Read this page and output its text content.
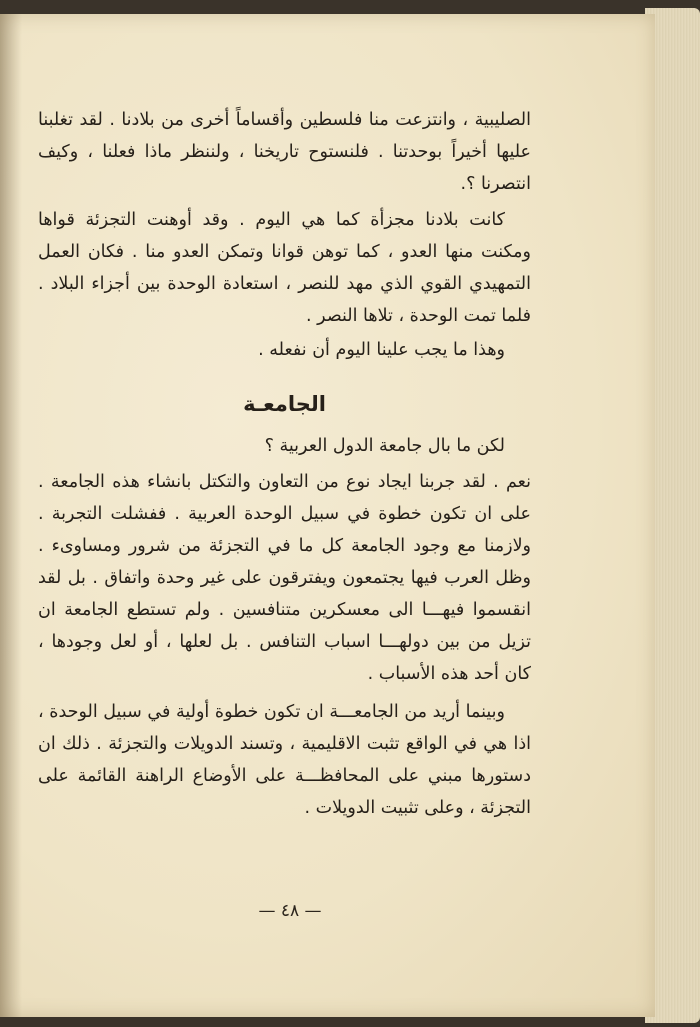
الصليبية ، وانتزعت منا فلسطين وأقساماً أخرى من بلادنا . لقد تغلبنا عليها أخيراً بوحدتنا . فلنستوح تاريخنا ، ولننظر ماذا فعلنا ، وكيف انتصرنا ؟.

كانت بلادنا مجزأة كما هي اليوم . وقد أوهنت التجزئة قواها ومكنت منها العدو ، كما توهن قوانا وتمكن العدو منا . فكان العمل التمهيدي القوي الذي مهد للنصر ، استعادة الوحدة بين أجزاء البلاد . فلما تمت الوحدة ، تلاها النصر .

وهذا ما يجب علينا اليوم أن نفعله .

الجامعـة

لكن ما بال جامعة الدول العربية ؟

نعم . لقد جربنا ايجاد نوع من التعاون والتكتل بانشاء هذه الجامعة . على ان تكون خطوة في سبيل الوحدة العربية . ففشلت التجربة . ولازمنا مع وجود الجامعة كل ما في التجزئة من شرور ومساوىء . وظل العرب فيها يجتمعون ويفترقون على غير وحدة واتفاق . بل لقد انقسموا فيهـــا الى معسكرين متنافسين . ولم تستطع الجامعة ان تزيل من بين دولهـــا اسباب التنافس . بل لعلها ، أو لعل وجودها ، كان أحد هذه الأسباب .

وبينما أريد من الجامعـــة ان تكون خطوة أولية في سبيل الوحدة ، اذا هي في الواقع تثبت الاقليمية ، وتسند الدويلات والتجزئة . ذلك ان دستورها مبني على المحافظـــة على الأوضاع الراهنة القائمة على التجزئة ، وعلى تثبيت الدويلات .

— ٤٨ —
